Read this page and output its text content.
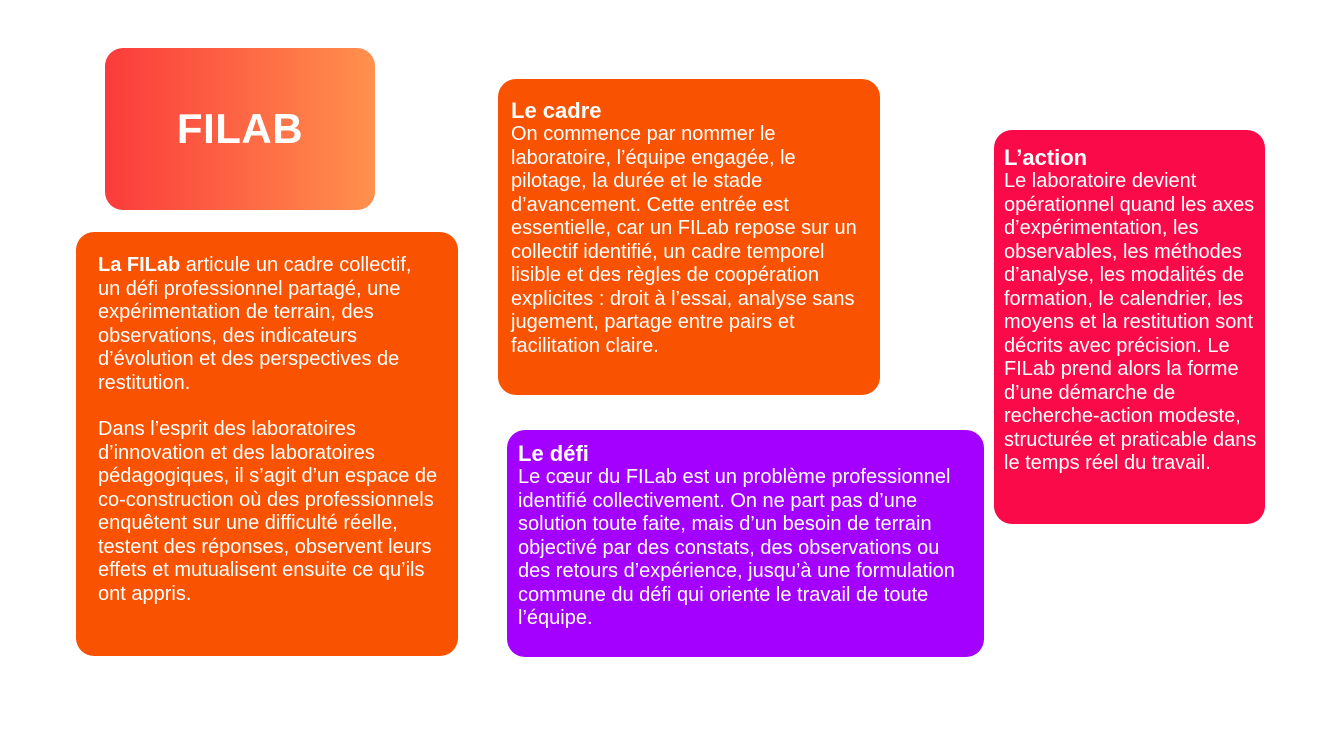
FILAB

La FILab articule un cadre collectif, un défi professionnel partagé, une expérimentation de terrain, des observations, des indicateurs d’évolution et des perspectives de restitution.

Dans l’esprit des laboratoires d’innovation et des laboratoires pédagogiques, il s’agit d’un espace de co-construction où des professionnels enquêtent sur une difficulté réelle, testent des réponses, observent leurs effets et mutualisent ensuite ce qu’ils ont appris.

Le cadre
On commence par nommer le laboratoire, l’équipe engagée, le pilotage, la durée et le stade d’avancement. Cette entrée est essentielle, car un FILab repose sur un collectif identifié, un cadre temporel lisible et des règles de coopération explicites : droit à l’essai, analyse sans jugement, partage entre pairs et facilitation claire.
Le défi
Le cœur du FILab est un problème professionnel identifié collectivement. On ne part pas d’une solution toute faite, mais d’un besoin de terrain objectivé par des constats, des observations ou des retours d’expérience, jusqu’à une formulation commune du défi qui oriente le travail de toute l’équipe.
L’action
Le laboratoire devient opérationnel quand les axes d’expérimentation, les observables, les méthodes d’analyse, les modalités de formation, le calendrier, les moyens et la restitution sont décrits avec précision. Le FILab prend alors la forme d’une démarche de recherche-action modeste, structurée et praticable dans le temps réel du travail.
